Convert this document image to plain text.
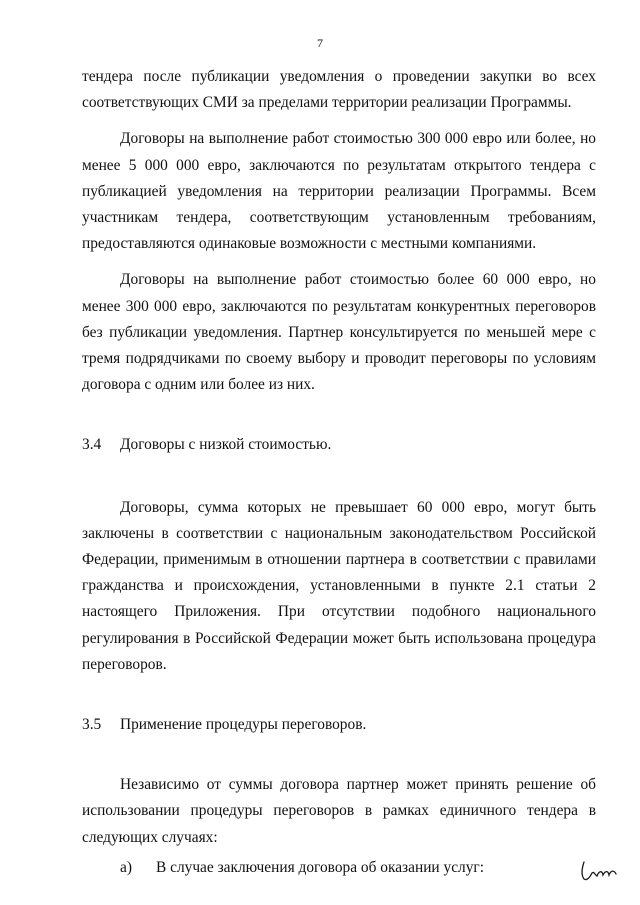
7

тендера после публикации уведомления о проведении закупки во всех соответствующих СМИ за пределами территории реализации Программы.

Договоры на выполнение работ стоимостью 300 000 евро или более, но менее 5 000 000 евро, заключаются по результатам открытого тендера с публикацией уведомления на территории реализации Программы. Всем участникам тендера, соответствующим установленным требованиям, предоставляются одинаковые возможности с местными компаниями.

Договоры на выполнение работ стоимостью более 60 000 евро, но менее 300 000 евро, заключаются по результатам конкурентных переговоров без публикации уведомления. Партнер консультируется по меньшей мере с тремя подрядчиками по своему выбору и проводит переговоры по условиям договора с одним или более из них.

3.4	Договоры с низкой стоимостью.

Договоры, сумма которых не превышает 60 000 евро, могут быть заключены в соответствии с национальным законодательством Российской Федерации, применимым в отношении партнера в соответствии с правилами гражданства и происхождения, установленными в пункте 2.1 статьи 2 настоящего Приложения. При отсутствии подобного национального регулирования в Российской Федерации может быть использована процедура переговоров.

3.5	Применение процедуры переговоров.

Независимо от суммы договора партнер может принять решение об использовании процедуры переговоров в рамках единичного тендера в следующих случаях:

а)	В случае заключения договора об оказании услуг:
